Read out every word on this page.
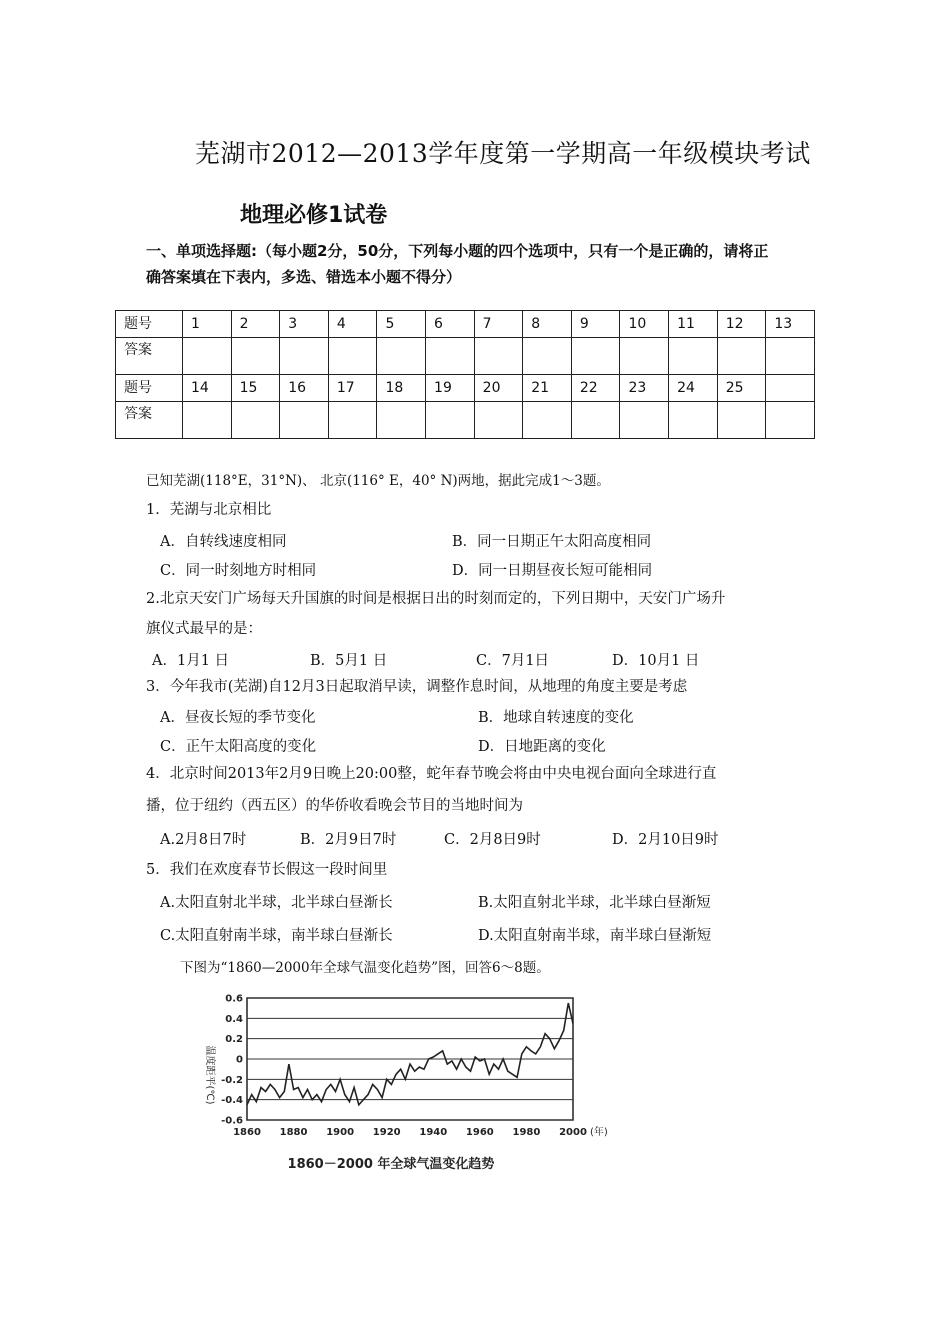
芜湖市2012—2013学年度第一学期高一年级模块考试
地理必修1试卷
一、单项选择题:（每小题2分，50分，下列每小题的四个选项中，只有一个是正确的，请将正
确答案填在下表内，多选、错选本小题不得分）
题号	1	2	3	4	5	6	7	8	9	10	11	12	13
答案													
题号	14	15	16	17	18	19	20	21	22	23	24	25	
答案													
已知芜湖(118°E，31°N)、 北京(116° E，40° N)两地，据此完成1～3题。
1．芜湖与北京相比
A．自转线速度相同	B．同一日期正午太阳高度相同
C．同一时刻地方时相同	D．同一日期昼夜长短可能相同
2.北京天安门广场每天升国旗的时间是根据日出的时刻而定的，下列日期中，天安门广场升
旗仪式最早的是：
A．1月1 日	B．5月1 日	C．7月1日	D．10月1 日
3．今年我市(芜湖)自12月3日起取消早读，调整作息时间，从地理的角度主要是考虑
A．昼夜长短的季节变化	B．地球自转速度的变化
C．正午太阳高度的变化	D．日地距离的变化
4．北京时间2013年2月9日晚上20:00整，蛇年春节晚会将由中央电视台面向全球进行直
播，位于纽约（西五区）的华侨收看晚会节目的当地时间为
A.2月8日7时	B．2月9日7时	C．2月8日9时	D．2月10日9时
5．我们在欢度春节长假这一段时间里
A.太阳直射北半球，北半球白昼渐长	B.太阳直射北半球，北半球白昼渐短
C.太阳直射南半球，南半球白昼渐长	D.太阳直射南半球，南半球白昼渐短
下图为“1860—2000年全球气温变化趋势”图，回答6～8题。
0.6
0.4
0.2
0
-0.2
-0.4
-0.6
1860 1880 1900 1920 1940 1960 1980 2000
温度距平(℃)
(年)
1860－2000 年全球气温变化趋势
